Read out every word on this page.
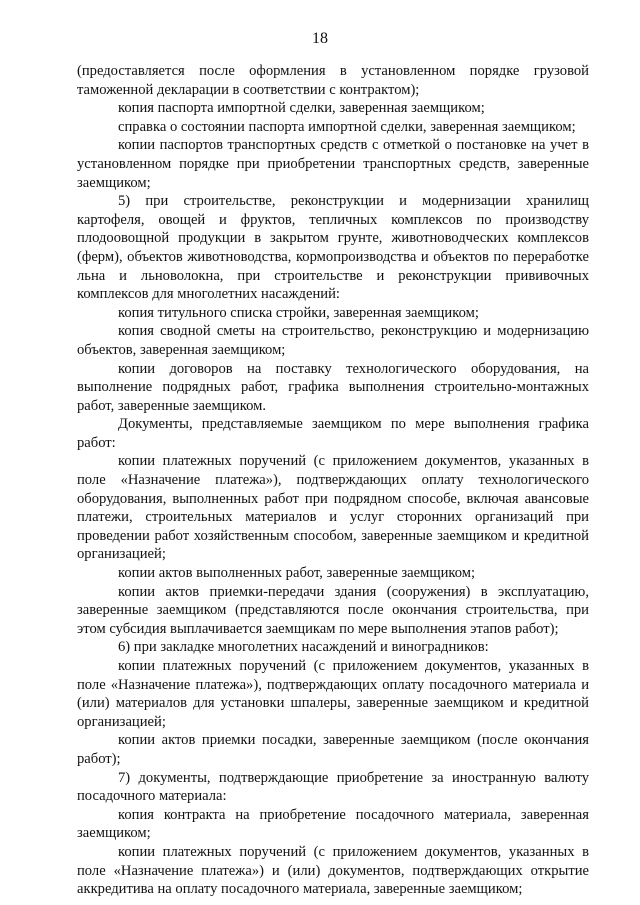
18

(предоставляется после оформления в установленном порядке грузовой таможенной декларации в соответствии с контрактом);

копия паспорта импортной сделки, заверенная заемщиком;

справка о состоянии паспорта импортной сделки, заверенная заемщиком;

копии паспортов транспортных средств с отметкой о постановке на учет в установленном порядке при приобретении транспортных средств, заверенные заемщиком;

5) при строительстве, реконструкции и модернизации хранилищ картофеля, овощей и фруктов, тепличных комплексов по производству плодоовощной продукции в закрытом грунте, животноводческих комплексов (ферм), объектов животноводства, кормопроизводства и объектов по переработке льна и льноволокна, при строительстве и реконструкции прививочных комплексов для многолетних насаждений:

копия титульного списка стройки, заверенная заемщиком;

копия сводной сметы на строительство, реконструкцию и модернизацию объектов, заверенная заемщиком;

копии договоров на поставку технологического оборудования, на выполнение подрядных работ, графика выполнения строительно-монтажных работ, заверенные заемщиком.

Документы, представляемые заемщиком по мере выполнения графика работ:

копии платежных поручений (с приложением документов, указанных в поле «Назначение платежа»), подтверждающих оплату технологического оборудования, выполненных работ при подрядном способе, включая авансовые платежи, строительных материалов и услуг сторонних организаций при проведении работ хозяйственным способом, заверенные заемщиком и кредитной организацией;

копии актов выполненных работ, заверенные заемщиком;

копии актов приемки-передачи здания (сооружения) в эксплуатацию, заверенные заемщиком (представляются после окончания строительства, при этом субсидия выплачивается заемщикам по мере выполнения этапов работ);

6) при закладке многолетних насаждений и виноградников:

копии платежных поручений (с приложением документов, указанных в поле «Назначение платежа»), подтверждающих оплату посадочного материала и (или) материалов для установки шпалеры, заверенные заемщиком и кредитной организацией;

копии актов приемки посадки, заверенные заемщиком (после окончания работ);

7) документы, подтверждающие приобретение за иностранную валюту посадочного материала:

копия контракта на приобретение посадочного материала, заверенная заемщиком;

копии платежных поручений (с приложением документов, указанных в поле «Назначение платежа») и (или) документов, подтверждающих открытие аккредитива на оплату посадочного материала, заверенные заемщиком;
